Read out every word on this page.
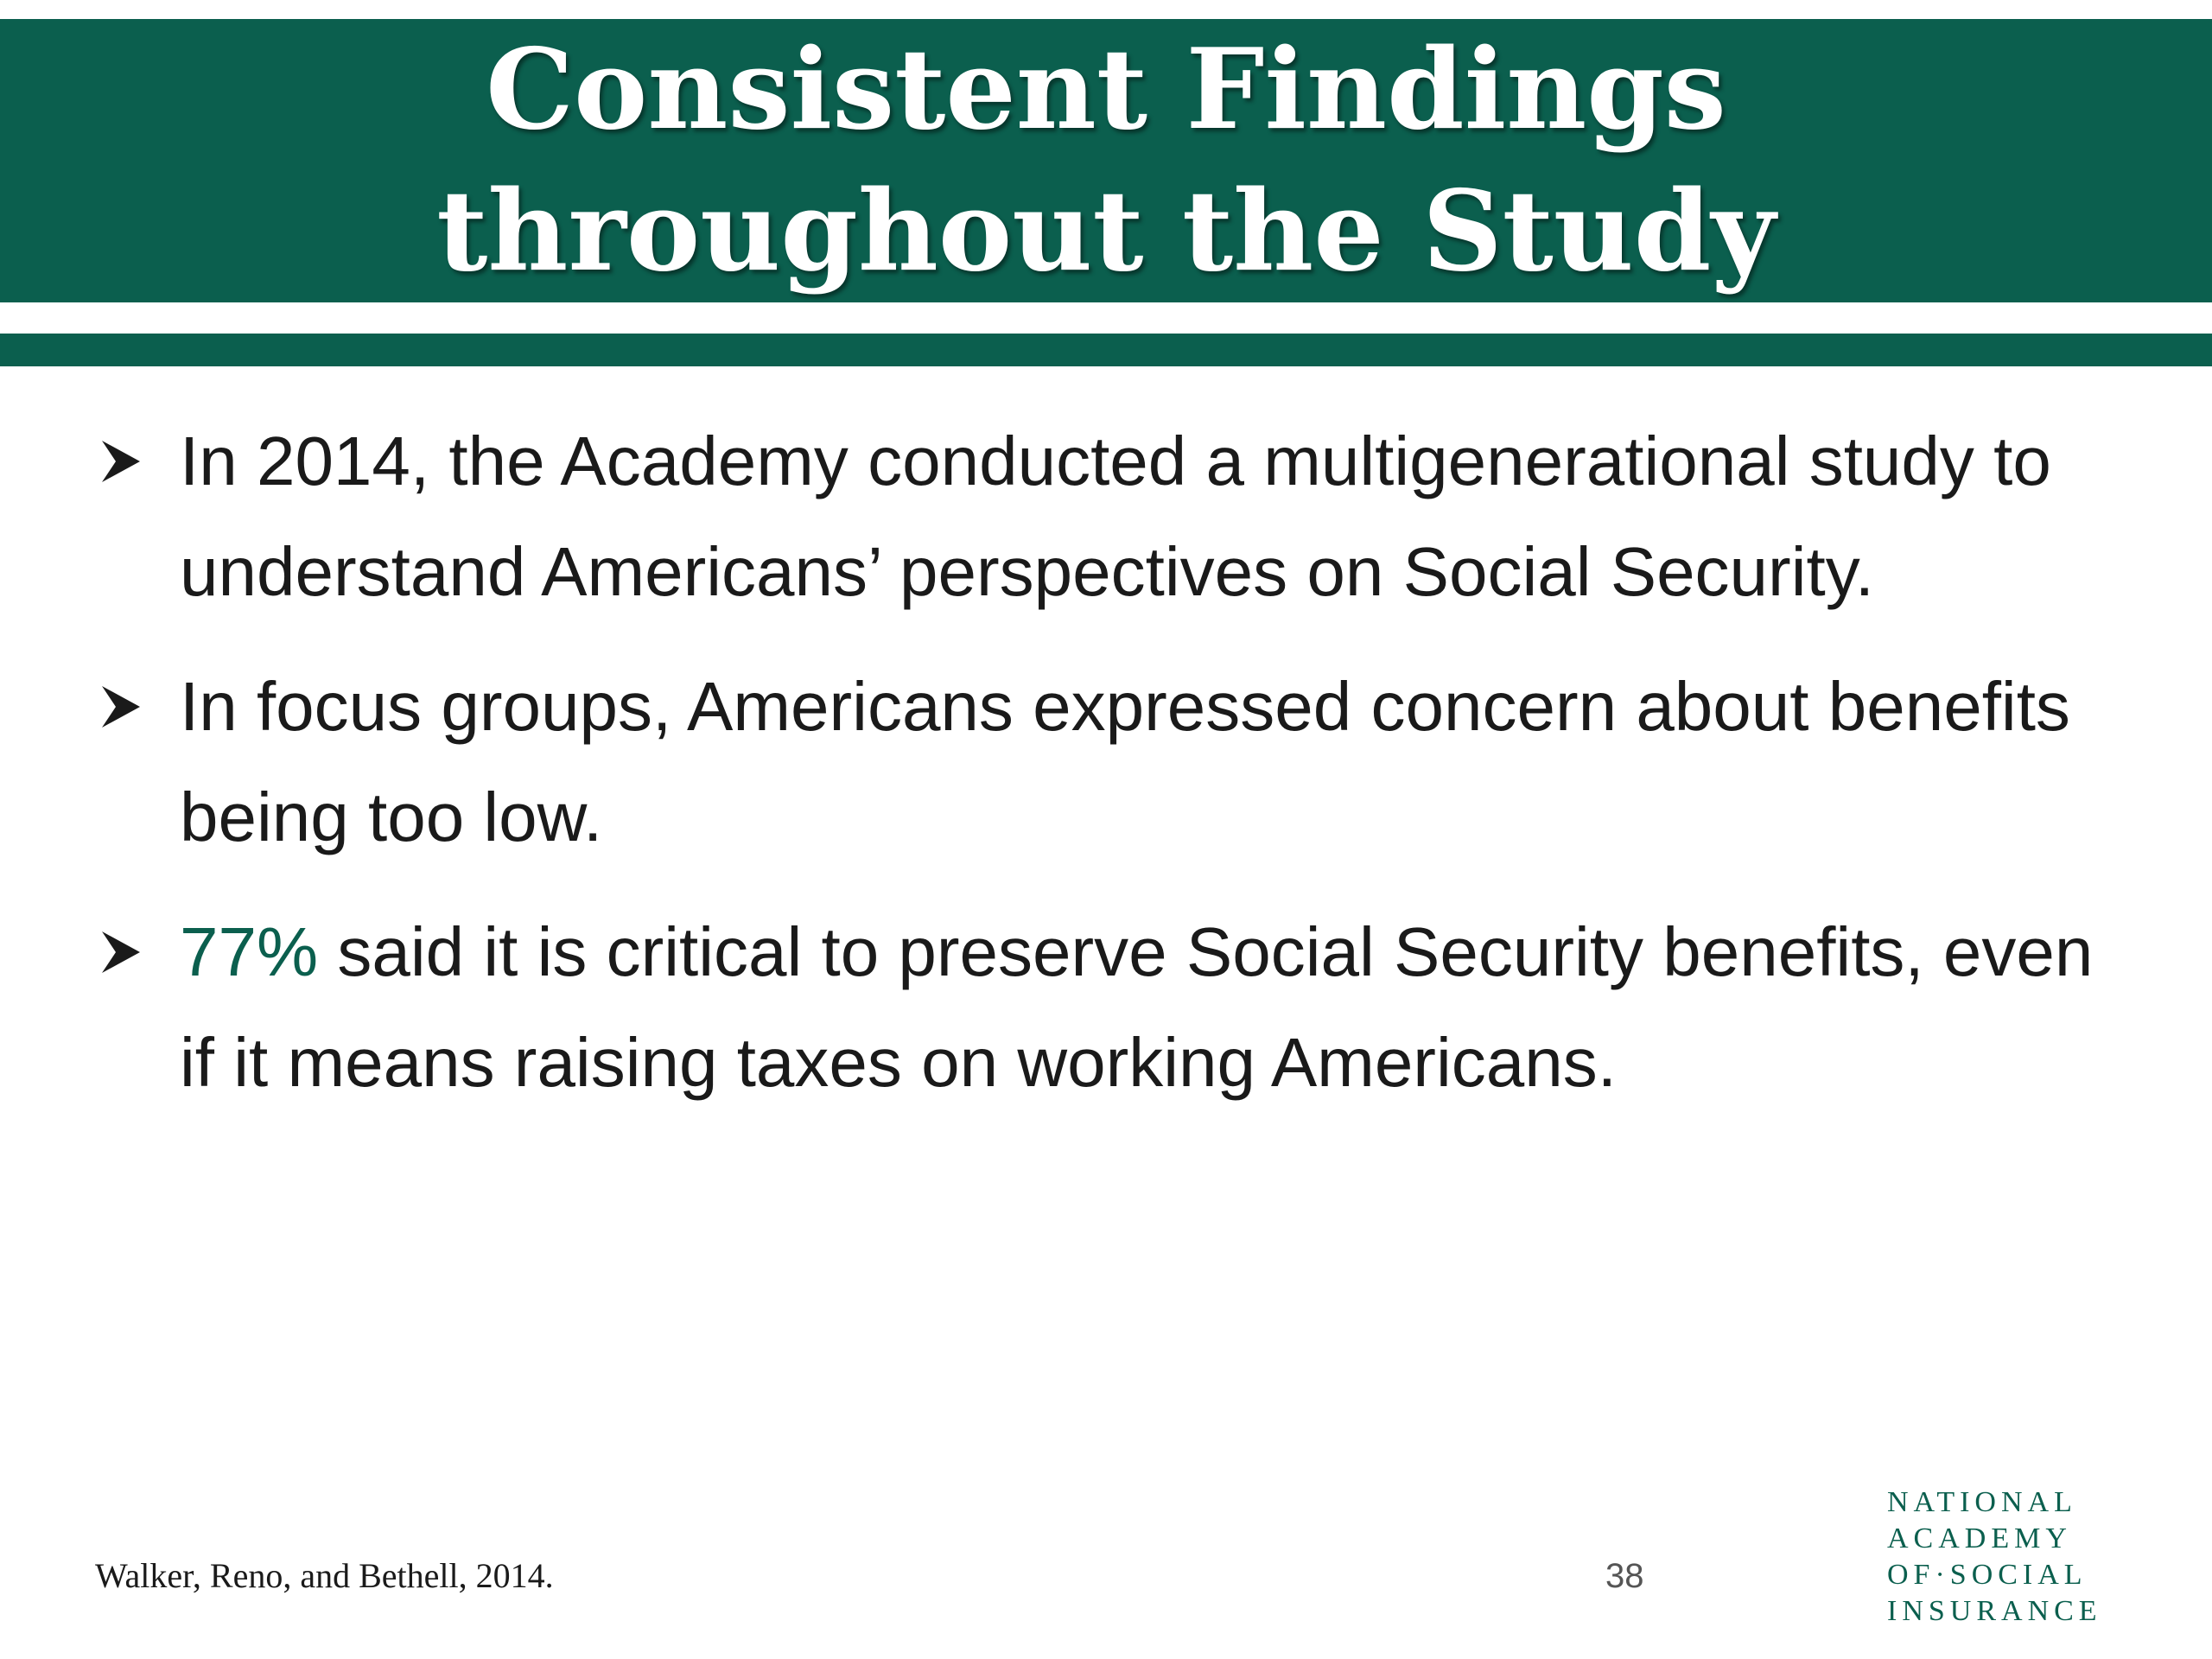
Consistent Findings
throughout the Study
In 2014, the Academy conducted a multigenerational study to understand Americans’ perspectives on Social Security.
In focus groups, Americans expressed concern about benefits being too low.
77% said it is critical to preserve Social Security benefits, even if it means raising taxes on working Americans.
Walker, Reno, and Bethell, 2014.	38
NATIONAL
ACADEMY
OF·SOCIAL
INSURANCE
